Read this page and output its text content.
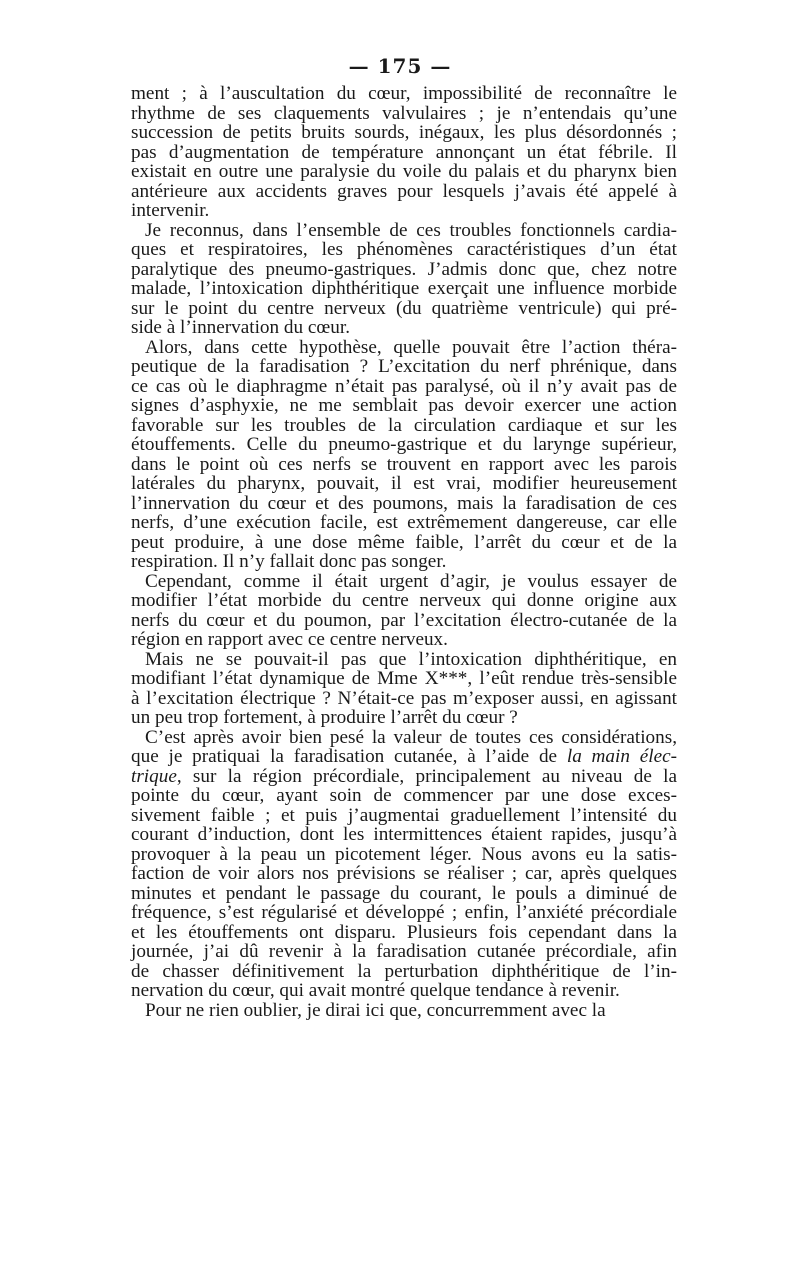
— 175 —
ment ; à l’auscultation du cœur, impossibilité de reconnaître le
rhythme de ses claquements valvulaires ; je n’entendais qu’une
succession de petits bruits sourds, inégaux, les plus désordonnés ;
pas d’augmentation de température annonçant un état fébrile. Il
existait en outre une paralysie du voile du palais et du pharynx bien
antérieure aux accidents graves pour lesquels j’avais été appelé à
intervenir.
Je reconnus, dans l’ensemble de ces troubles fonctionnels cardia-
ques et respiratoires, les phénomènes caractéristiques d’un état
paralytique des pneumo-gastriques. J’admis donc que, chez notre
malade, l’intoxication diphthéritique exerçait une influence morbide
sur le point du centre nerveux (du quatrième ventricule) qui pré-
side à l’innervation du cœur.
Alors, dans cette hypothèse, quelle pouvait être l’action théra-
peutique de la faradisation ? L’excitation du nerf phrénique, dans
ce cas où le diaphragme n’était pas paralysé, où il n’y avait pas de
signes d’asphyxie, ne me semblait pas devoir exercer une action
favorable sur les troubles de la circulation cardiaque et sur les
étouffements. Celle du pneumo-gastrique et du larynge supérieur,
dans le point où ces nerfs se trouvent en rapport avec les parois
latérales du pharynx, pouvait, il est vrai, modifier heureusement
l’innervation du cœur et des poumons, mais la faradisation de ces
nerfs, d’une exécution facile, est extrêmement dangereuse, car elle
peut produire, à une dose même faible, l’arrêt du cœur et de la
respiration. Il n’y fallait donc pas songer.
Cependant, comme il était urgent d’agir, je voulus essayer de
modifier l’état morbide du centre nerveux qui donne origine aux
nerfs du cœur et du poumon, par l’excitation électro-cutanée de la
région en rapport avec ce centre nerveux.
Mais ne se pouvait-il pas que l’intoxication diphthéritique, en
modifiant l’état dynamique de Mme X***, l’eût rendue très-sensible
à l’excitation électrique ? N’était-ce pas m’exposer aussi, en agissant
un peu trop fortement, à produire l’arrêt du cœur ?
C’est après avoir bien pesé la valeur de toutes ces considérations,
que je pratiquai la faradisation cutanée, à l’aide de la main élec-
trique, sur la région précordiale, principalement au niveau de la
pointe du cœur, ayant soin de commencer par une dose exces-
sivement faible ; et puis j’augmentai graduellement l’intensité du
courant d’induction, dont les intermittences étaient rapides, jusqu’à
provoquer à la peau un picotement léger. Nous avons eu la satis-
faction de voir alors nos prévisions se réaliser ; car, après quelques
minutes et pendant le passage du courant, le pouls a diminué de
fréquence, s’est régularisé et développé ; enfin, l’anxiété précordiale
et les étouffements ont disparu. Plusieurs fois cependant dans la
journée, j’ai dû revenir à la faradisation cutanée précordiale, afin
de chasser définitivement la perturbation diphthéritique de l’in-
nervation du cœur, qui avait montré quelque tendance à revenir.
Pour ne rien oublier, je dirai ici que, concurremment avec la
